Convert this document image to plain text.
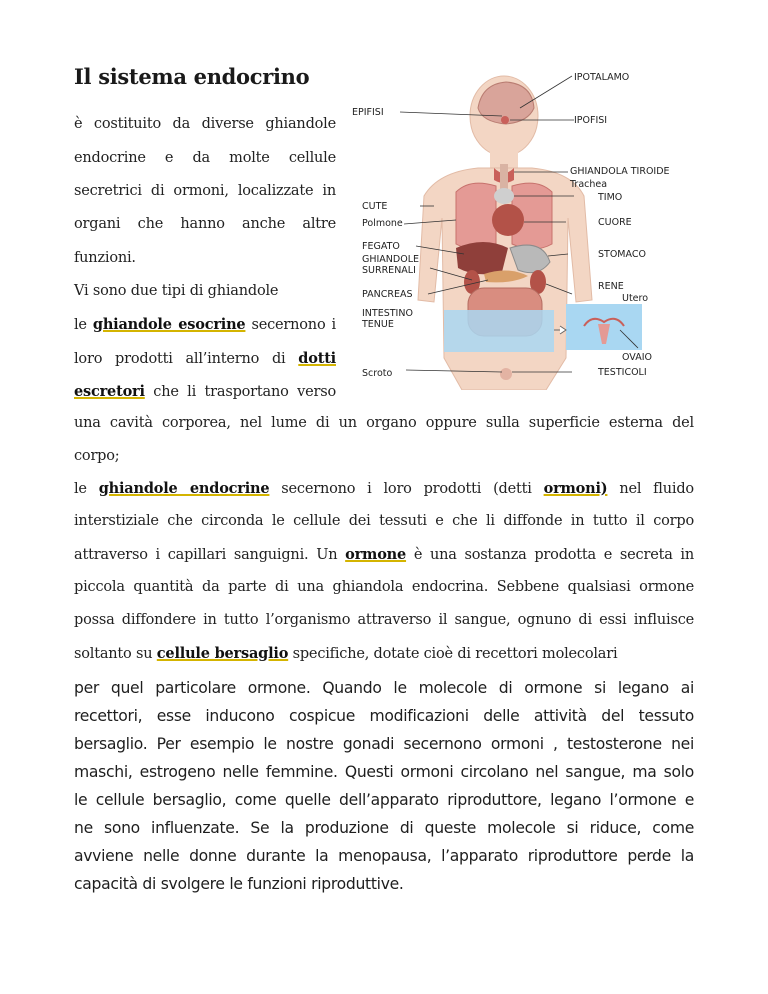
Il sistema endocrino
è costituito da diverse ghiandole
endocrine e da molte cellule
secretrici di ormoni, localizzate in
organi che hanno anche altre
funzioni.
Vi sono due tipi di ghiandole
le ghiandole esocrine secernono i
loro prodotti all’interno di dotti
escretori che li trasportano verso
una cavità corporea, nel lume di un organo oppure sulla superficie esterna del
corpo;
le ghiandole endocrine secernono i loro prodotti (detti ormoni) nel fluido
interstiziale che circonda le cellule dei tessuti e che li diffonde in tutto il corpo
attraverso i capillari sanguigni. Un ormone è una sostanza prodotta e secreta in
piccola quantità da parte di una ghiandola endocrina. Sebbene qualsiasi ormone
possa diffondere in tutto l’organismo attraverso il sangue, ognuno di essi influisce
soltanto su cellule bersaglio specifiche, dotate cioè di recettori molecolari
per quel particolare ormone. Quando le molecole di ormone si legano ai
recettori, esse inducono cospicue modificazioni delle attività del tessuto
bersaglio. Per esempio le nostre gonadi secernono ormoni , testosterone nei
maschi, estrogeno nelle femmine. Questi ormoni circolano nel sangue, ma solo
le cellule bersaglio, come quelle dell’apparato riproduttore, legano l’ormone e
ne sono influenzate. Se la produzione di queste molecole si riduce, come
avviene nelle donne durante la menopausa, l’apparato riproduttore perde la
capacità di svolgere le funzioni riproduttive.
EPIFISI
IPOTALAMO
IPOFISI
GHIANDOLA TIROIDE
Trachea
TIMO
CUTE
Polmone	CUORE
FEGATO
GHIANDOLE
SURRENALI
PANCREAS
STOMACO
RENE
Utero
INTESTINO
TENUE
OVAIO
Scroto	TESTICOLI
